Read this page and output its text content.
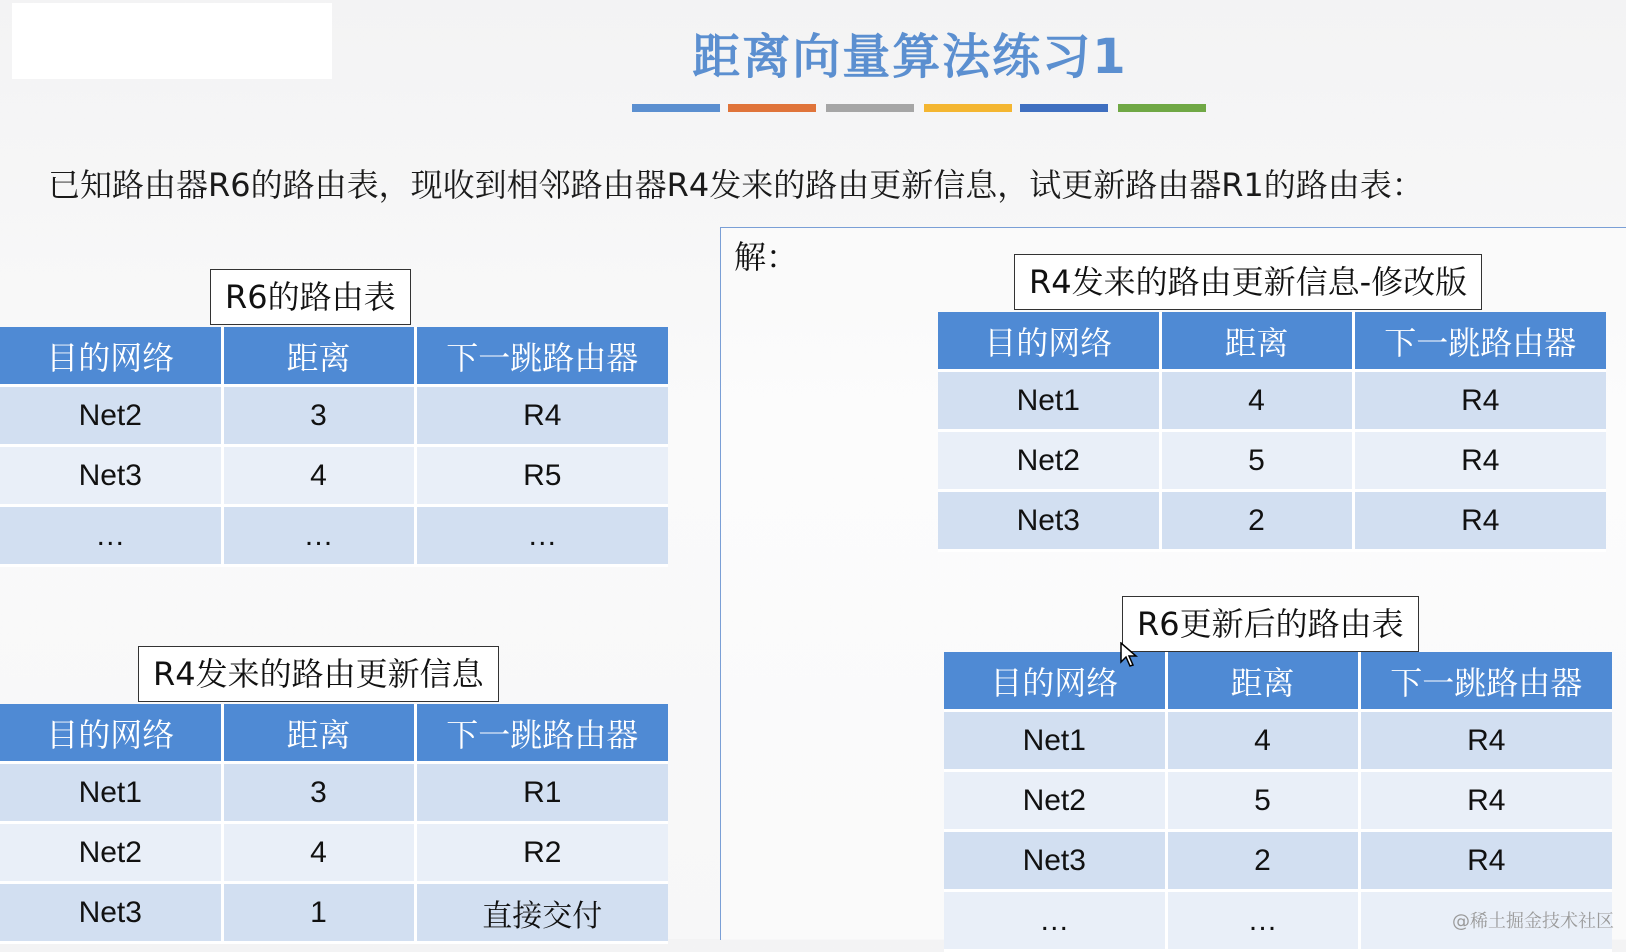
距离向量算法练习1
已知路由器R6的路由表，现收到相邻路由器R4发来的路由更新信息，试更新路由器R1的路由表：
解：
R6的路由表
目的网络	距离	下一跳路由器
Net2	3	R4
Net3	4	R5
…	…	…
R4发来的路由更新信息
目的网络	距离	下一跳路由器
Net1	3	R1
Net2	4	R2
Net3	1	直接交付
R4发来的路由更新信息-修改版
目的网络	距离	下一跳路由器
Net1	4	R4
Net2	5	R4
Net3	2	R4
R6更新后的路由表
目的网络	距离	下一跳路由器
Net1	4	R4
Net2	5	R4
Net3	2	R4
…	…		@稀土掘金技术社区
